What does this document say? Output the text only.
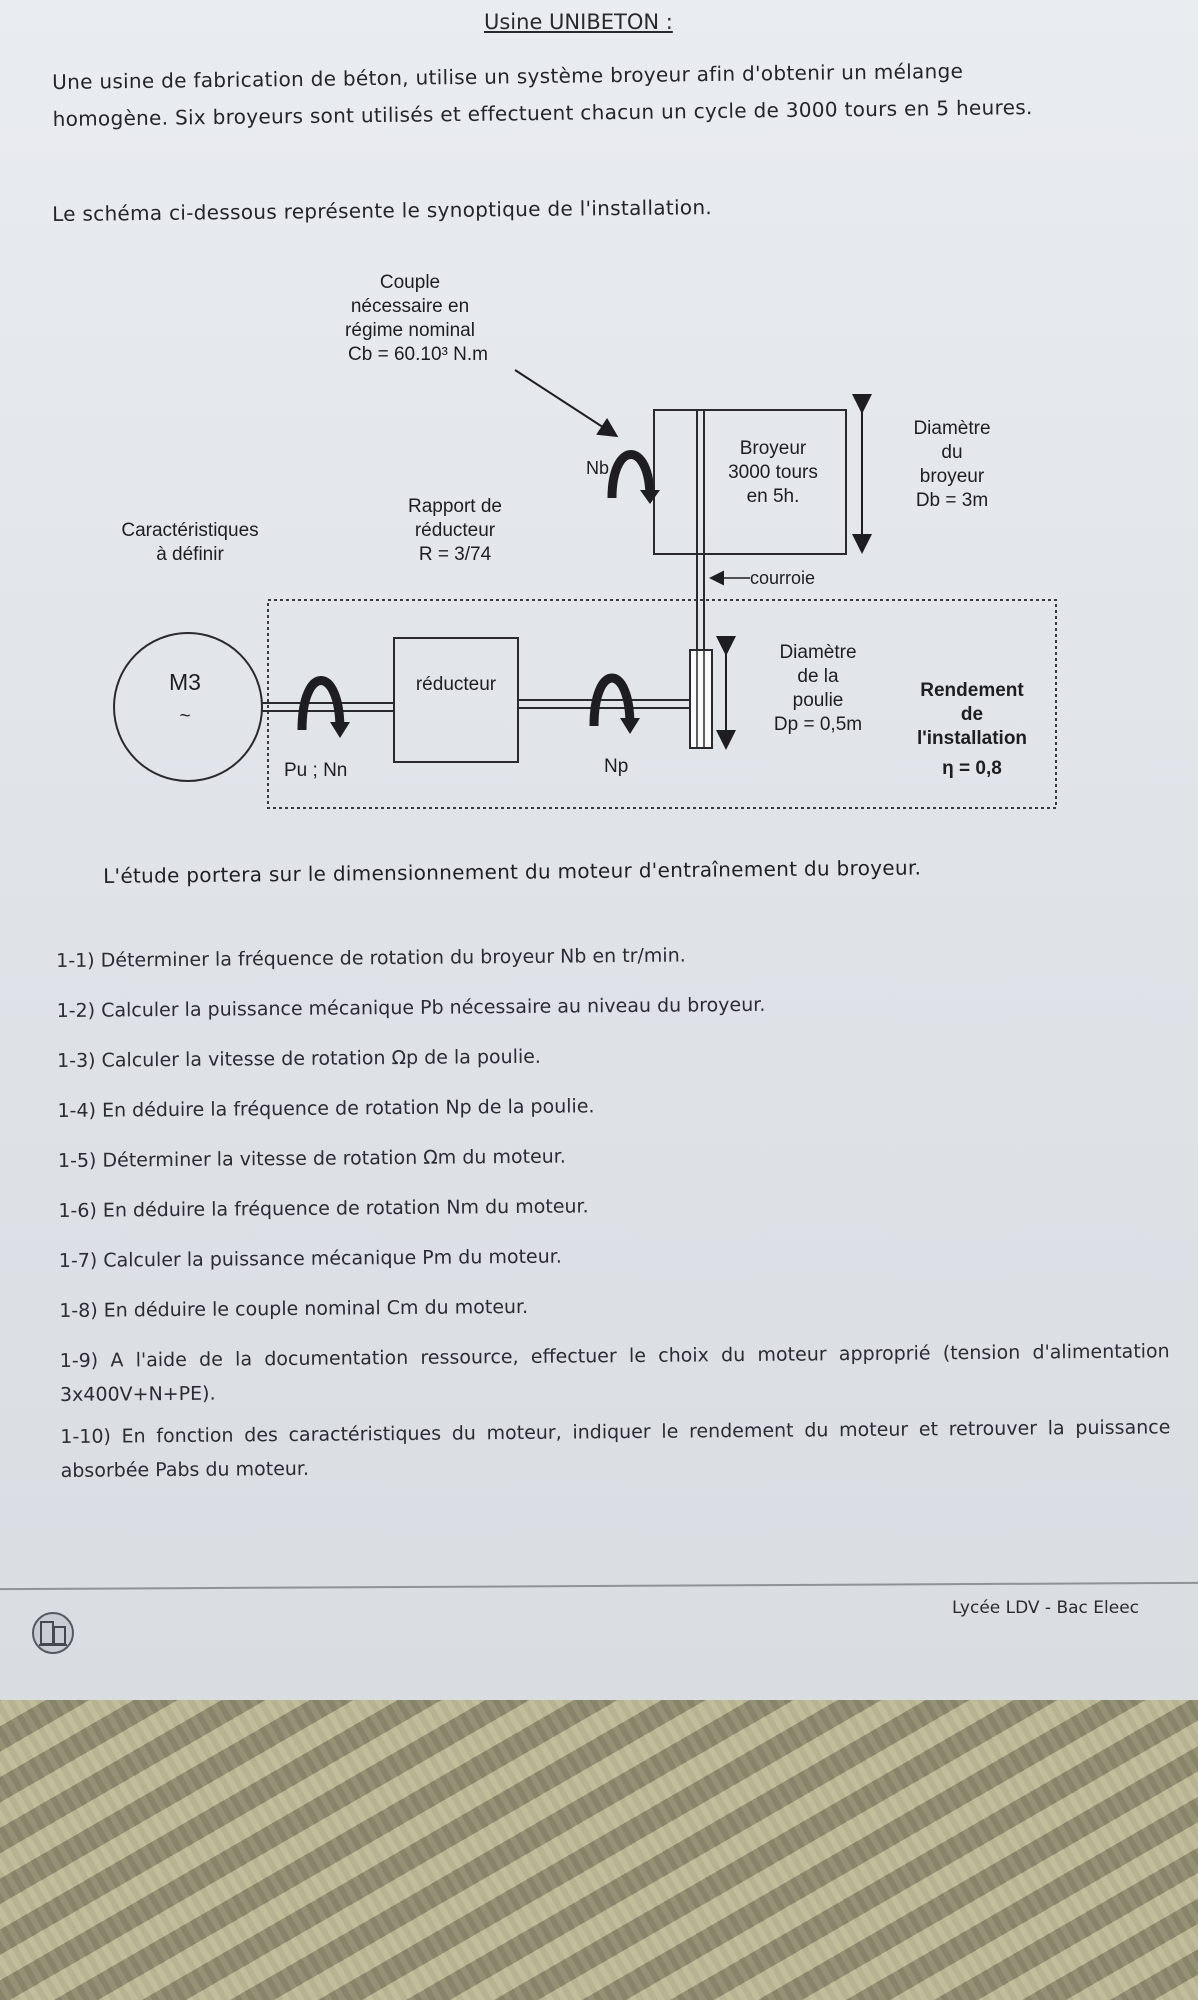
Usine UNIBETON :
Une usine de fabrication de béton, utilise un système broyeur afin d'obtenir un mélange homogène. Six broyeurs sont utilisés et effectuent chacun un cycle de 3000 tours en 5 heures.
Le schéma ci-dessous représente le synoptique de l'installation.
Couple
nécessaire en
régime nominal
Cb = 60.10³ N.m
Broyeur
3000 tours
en 5h.
Diamètre
du
broyeur
Db = 3m
Nb
Rapport de
réducteur
R = 3/74
Caractéristiques
à définir
courroie
M3
~
Pu ; Nn
réducteur
Np
Diamètre
de la
poulie
Dp = 0,5m
Rendement
de
l'installation
η = 0,8
L'étude portera sur le dimensionnement du moteur d'entraînement du broyeur.
1-1) Déterminer la fréquence de rotation du broyeur Nb en tr/min.
1-2) Calculer la puissance mécanique Pb nécessaire au niveau du broyeur.
1-3) Calculer la vitesse de rotation Ωp de la poulie.
1-4) En déduire la fréquence de rotation Np de la poulie.
1-5) Déterminer la vitesse de rotation Ωm du moteur.
1-6) En déduire la fréquence de rotation Nm du moteur.
1-7) Calculer la puissance mécanique Pm du moteur.
1-8) En déduire le couple nominal Cm du moteur.
1-9) A l'aide de la documentation ressource, effectuer le choix du moteur approprié (tension d'alimentation 3x400V+N+PE).
1-10) En fonction des caractéristiques du moteur, indiquer le rendement du moteur et retrouver la puissance absorbée Pabs du moteur.
Lycée LDV - Bac Eleec
